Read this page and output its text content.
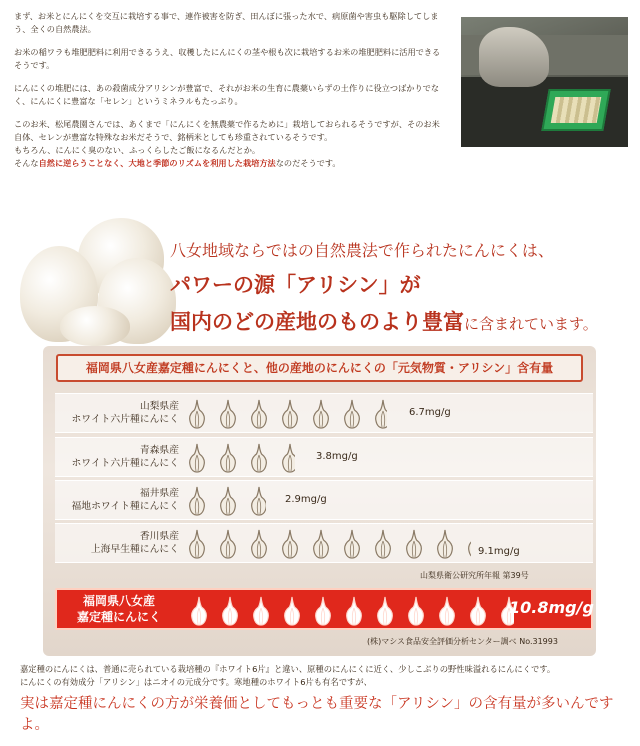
まず、お米とにんにくを交互に栽培する事で、連作被害を防ぎ、田んぼに張った水で、病原菌や害虫も駆除してしまう、全くの自然農法。

お米の稲ワラも堆肥肥料に利用できるうえ、収穫したにんにくの茎や根も次に栽培するお米の堆肥肥料に活用できるそうです。

にんにくの堆肥には、あの殺菌成分アリシンが豊富で、それがお米の生育に農薬いらずの土作りに役立つばかりでなく、にんにくに豊富な「セレン」というミネラルもたっぷり。

このお米、松尾農園さんでは、あくまで「にんにくを無農薬で作るために」栽培しておられるそうですが、そのお米自体、セレンが豊富な特殊なお米だそうで、銘柄米としても珍重されているそうです。
もちろん、にんにく臭のない、ふっくらしたご飯になるんだとか。
そんな自然に逆らうことなく、大地と季節のリズムを利用した栽培方法なのだそうです。
八女地域ならではの自然農法で作られたにんにくは、
パワーの源「アリシン」が
国内のどの産地のものより豊富に含まれています。
福岡県八女産嘉定種にんにくと、他の産地のにんにくの「元気物質・アリシン」含有量
山梨県産
ホワイト六片種にんにく
6.7mg/g
青森県産
ホワイト六片種にんにく
3.8mg/g
福井県産
福地ホワイト種にんにく
2.9mg/g
香川県産
上海早生種にんにく	9.1mg/g
山梨県衛公研究所年報 第39号
福岡県八女産
嘉定種にんにく	10.8mg/g
(株)マシス食品安全評価分析センター調べ No.31993
嘉定種のにんにくは、普通に売られている栽培種の『ホワイト6片』と違い、原種のにんにくに近く、少しこぶりの野性味溢れるにんにくです。
にんにくの有効成分「アリシン」はニオイの元成分です。寒地種のホワイト6片も有名ですが、
実は嘉定種にんにくの方が栄養価としてもっとも重要な「アリシン」の含有量が多いんですよ。
